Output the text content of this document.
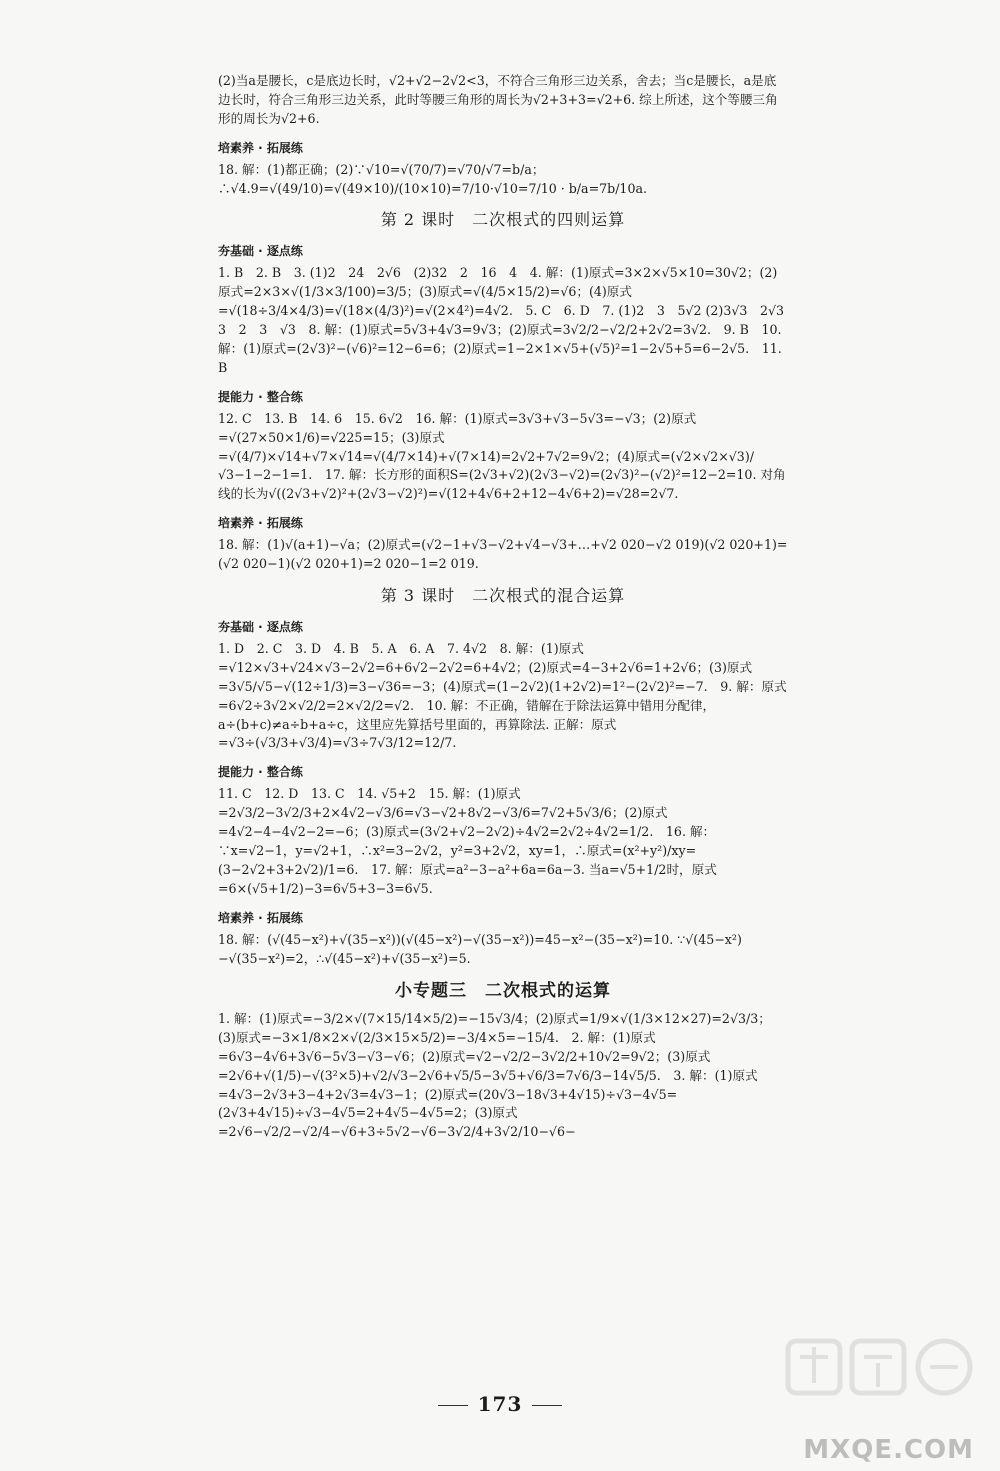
(2)当a是腰长，c是底边长时，√2+√2−2√2<3，不符合三角形三边关系，舍去；当c是腰长，a是底边长时，符合三角形三边关系，此时等腰三角形的周长为√2+3+3=√2+6. 综上所述，这个等腰三角形的周长为√2+6.

培素养 · 拓展练

18. 解：(1)都正确；(2)∵√10=√(70/7)=√70/√7=b/a；∴√4.9=√(49/10)=√(49×10)/(10×10)=7/10·√10=7/10 · b/a=7b/10a.

第 2 课时　二次根式的四则运算
夯基础 · 逐点练

1. B　2. B　3. (1)2　24　2√6　(2)32　2　16　4　4. 解：(1)原式=3×2×√5×10=30√2；(2)原式=2×3×√(1/3×3/100)=3/5；(3)原式=√(4/5×15/2)=√6；(4)原式=√(18÷3/4×4/3)=√(18×(4/3)²)=√(2×4²)=4√2.　5. C　6. D　7. (1)2　3　5√2 (2)3√3　2√3　3　2　3　√3　8. 解：(1)原式=5√3+4√3=9√3；(2)原式=3√2/2−√2/2+2√2=3√2.　9. B　10. 解：(1)原式=(2√3)²−(√6)²=12−6=6；(2)原式=1−2×1×√5+(√5)²=1−2√5+5=6−2√5.　11. B

提能力 · 整合练

12. C　13. B　14. 6　15. 6√2　16. 解：(1)原式=3√3+√3−5√3=−√3；(2)原式=√(27×50×1/6)=√225=15；(3)原式=√(4/7)×√14+√7×√14=√(4/7×14)+√(7×14)=2√2+7√2=9√2；(4)原式=(√2×√2×√3)/√3−1−2−1=1.　17. 解：长方形的面积S=(2√3+√2)(2√3−√2)=(2√3)²−(√2)²=12−2=10. 对角线的长为√((2√3+√2)²+(2√3−√2)²)=√(12+4√6+2+12−4√6+2)=√28=2√7.

培素养 · 拓展练

18. 解：(1)√(a+1)−√a；(2)原式=(√2−1+√3−√2+√4−√3+…+√2 020−√2 019)(√2 020+1)=(√2 020−1)(√2 020+1)=2 020−1=2 019.

第 3 课时　二次根式的混合运算
夯基础 · 逐点练

1. D　2. C　3. D　4. B　5. A　6. A　7. 4√2　8. 解：(1)原式=√12×√3+√24×√3−2√2=6+6√2−2√2=6+4√2；(2)原式=4−3+2√6=1+2√6；(3)原式=3√5/√5−√(12÷1/3)=3−√36=−3；(4)原式=(1−2√2)(1+2√2)=1²−(2√2)²=−7.　9. 解：原式=6√2÷3√2×√2/2=2×√2/2=√2.　10. 解：不正确，错解在于除法运算中错用分配律，a÷(b+c)≠a÷b+a÷c，这里应先算括号里面的，再算除法. 正解：原式=√3÷(√3/3+√3/4)=√3÷7√3/12=12/7.

提能力 · 整合练

11. C　12. D　13. C　14. √5+2　15. 解：(1)原式=2√3/2−3√2/3+2×4√2−√3/6=√3−√2+8√2−√3/6=7√2+5√3/6；(2)原式=4√2−4−4√2−2=−6；(3)原式=(3√2+√2−2√2)÷4√2=2√2÷4√2=1/2.　16. 解：∵x=√2−1，y=√2+1，∴x²=3−2√2，y²=3+2√2，xy=1，∴原式=(x²+y²)/xy=(3−2√2+3+2√2)/1=6.　17. 解：原式=a²−3−a²+6a=6a−3. 当a=√5+1/2时，原式=6×(√5+1/2)−3=6√5+3−3=6√5.

培素养 · 拓展练

18. 解：(√(45−x²)+√(35−x²))(√(45−x²)−√(35−x²))=45−x²−(35−x²)=10. ∵√(45−x²)−√(35−x²)=2，∴√(45−x²)+√(35−x²)=5.

小专题三　二次根式的运算

1. 解：(1)原式=−3/2×√(7×15/14×5/2)=−15√3/4；(2)原式=1/9×√(1/3×12×27)=2√3/3；(3)原式=−3×1/8×2×√(2/3×15×5/2)=−3/4×5=−15/4.　2. 解：(1)原式=6√3−4√6+3√6−5√3−√3−√6；(2)原式=√2−√2/2−3√2/2+10√2=9√2；(3)原式=2√6+√(1/5)−√(3²×5)+√2/√3−2√6+√5/5−3√5+√6/3=7√6/3−14√5/5.　3. 解：(1)原式=4√3−2√3+3−4+2√3=4√3−1；(2)原式=(20√3−18√3+4√15)÷√3−4√5=(2√3+4√15)÷√3−4√5=2+4√5−4√5=2；(3)原式=2√6−√2/2−√2/4−√6+3÷5√2−√6−3√2/4+3√2/10−√6−

173
MXQE.COM
